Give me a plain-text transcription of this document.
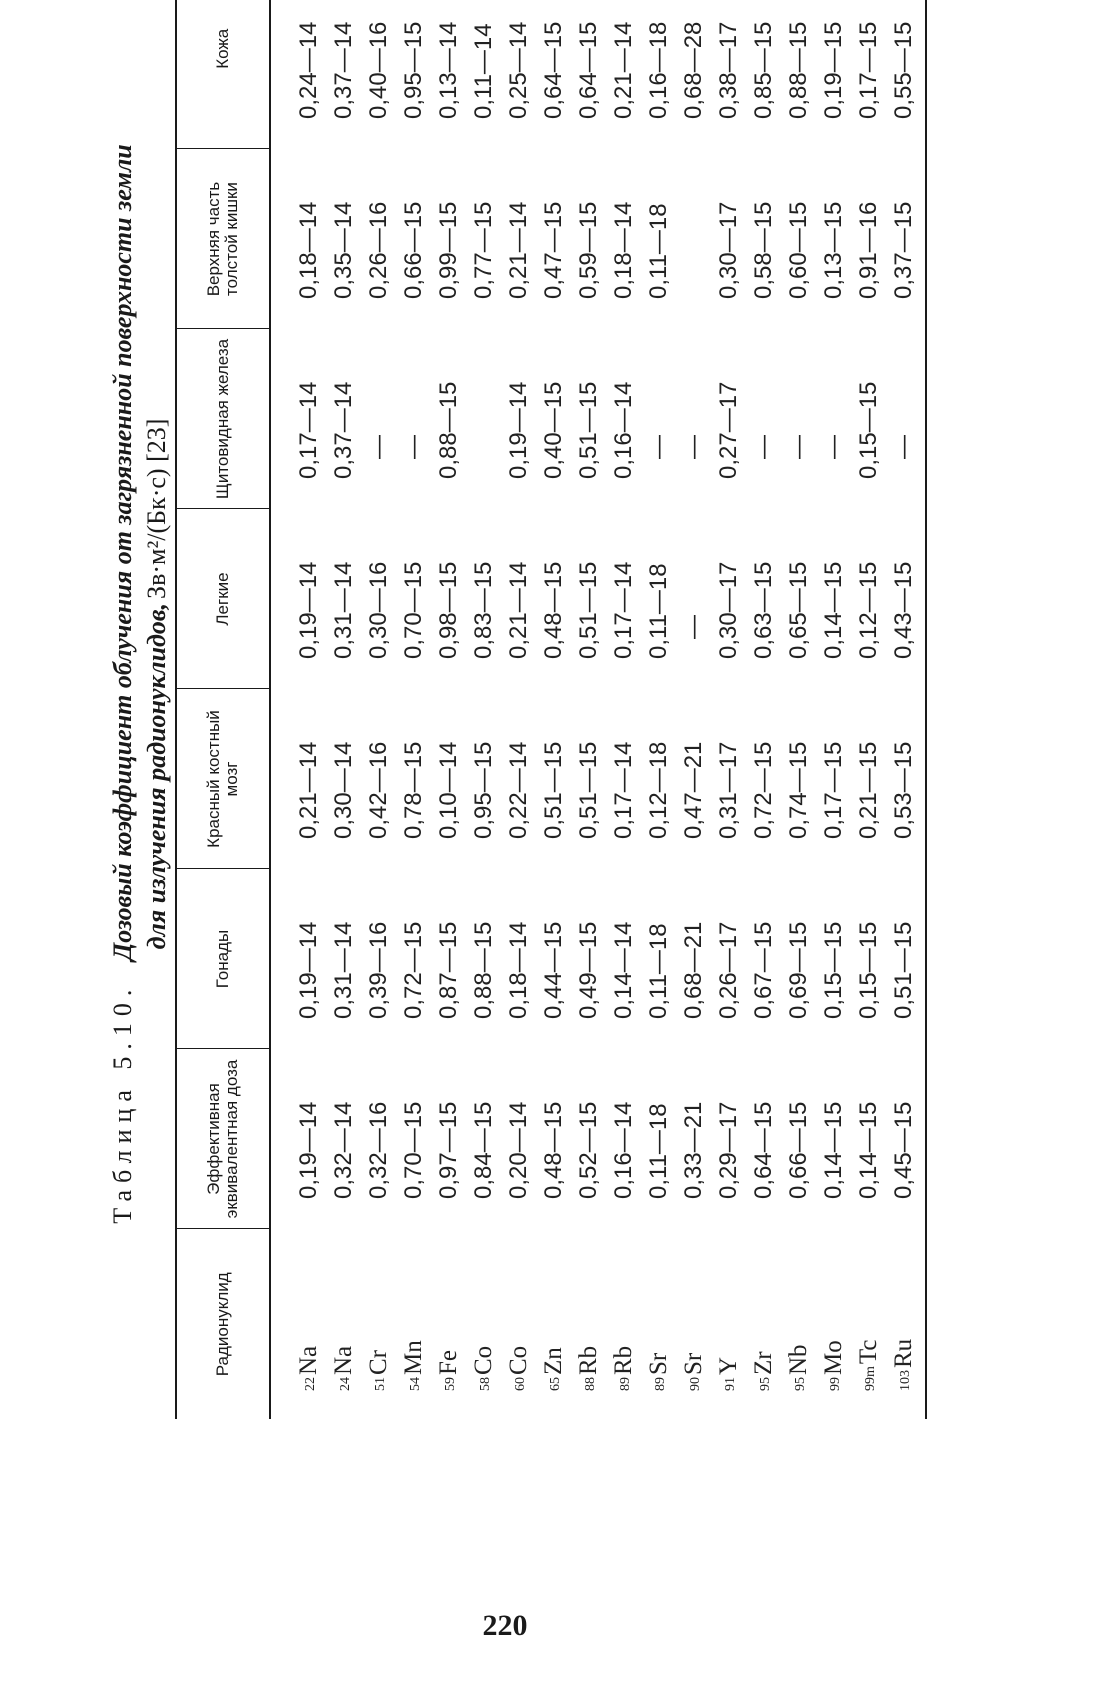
Таблица 5.10. Дозовый коэффициент облучения от загрязненной поверхности земли для излучения радионуклидов, Зв·м²/(Бк·с) [23]
Радионуклид	Эффективная эквивалентная доза	Гонады	Красный костный мозг	Легкие	Щитовидная железа	Верхняя часть толстой кишки	Кожа
$^{22}$Na	0,19—14	0,19—14	0,21—14	0,19—14	0,17—14	0,18—14	0,24—14
$^{24}$Na	0,32—14	0,31—14	0,30—14	0,31—14	0,37—14	0,35—14	0,37—14
$^{51}$Cr	0,32—16	0,39—16	0,42—16	0,30—16	—	0,26—16	0,40—16
$^{54}$Mn	0,70—15	0,72—15	0,78—15	0,70—15	—	0,66—15	0,95—15
$^{59}$Fe	0,97—15	0,87—15	0,10—14	0,98—15	0,88—15	0,99—15	0,13—14
$^{58}$Co	0,84—15	0,88—15	0,95—15	0,83—15		0,77—15	0,11—14
$^{60}$Co	0,20—14	0,18—14	0,22—14	0,21—14	0,19—14	0,21—14	0,25—14
$^{65}$Zn	0,48—15	0,44—15	0,51—15	0,48—15	0,40—15	0,47—15	0,64—15
$^{88}$Rb	0,52—15	0,49—15	0,51—15	0,51—15	0,51—15	0,59—15	0,64—15
$^{89}$Rb	0,16—14	0,14—14	0,17—14	0,17—14	0,16—14	0,18—14	0,21—14
$^{89}$Sr	0,11—18	0,11—18	0,12—18	0,11—18	—	0,11—18	0,16—18
$^{90}$Sr	0,33—21	0,68—21	0,47—21	—	—		0,68—28
$^{91}$Y	0,29—17	0,26—17	0,31—17	0,30—17	0,27—17	0,30—17	0,38—17
$^{95}$Zr	0,64—15	0,67—15	0,72—15	0,63—15	—	0,58—15	0,85—15
$^{95}$Nb	0,66—15	0,69—15	0,74—15	0,65—15	—	0,60—15	0,88—15
$^{99}$Mo	0,14—15	0,15—15	0,17—15	0,14—15	—	0,13—15	0,19—15
$^{99m}$Tc	0,14—15	0,15—15	0,21—15	0,12—15	0,15—15	0,91—16	0,17—15
$^{103}$Ru	0,45—15	0,51—15	0,53—15	0,43—15	—	0,37—15	0,55—15
220
